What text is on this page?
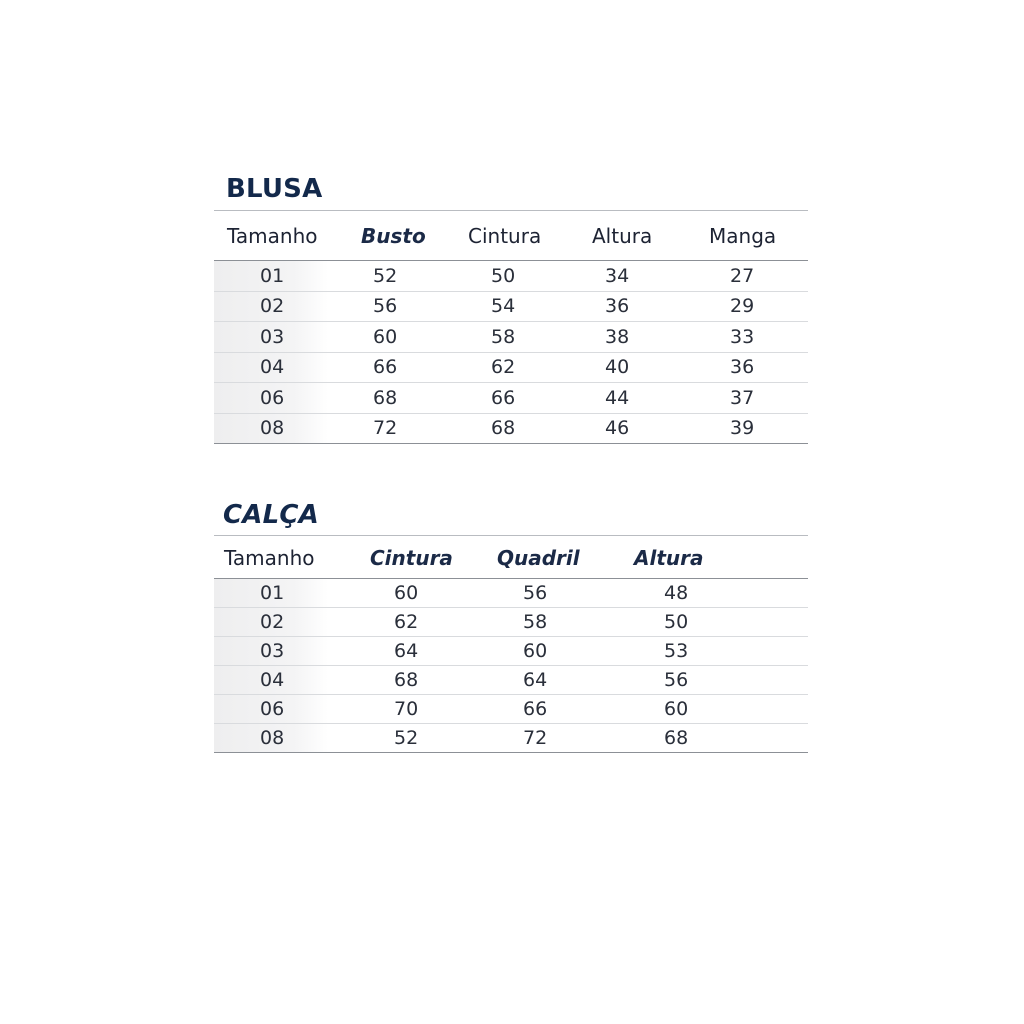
BLUSA
Tamanho	Busto	Cintura	Altura	Manga
01	52	50	34	27
02	56	54	36	29
03	60	58	38	33
04	66	62	40	36
06	68	66	44	37
08	72	68	46	39
CALÇA
Tamanho	Cintura	Quadril	Altura
01	60	56	48
02	62	58	50
03	64	60	53
04	68	64	56
06	70	66	60
08	52	72	68
